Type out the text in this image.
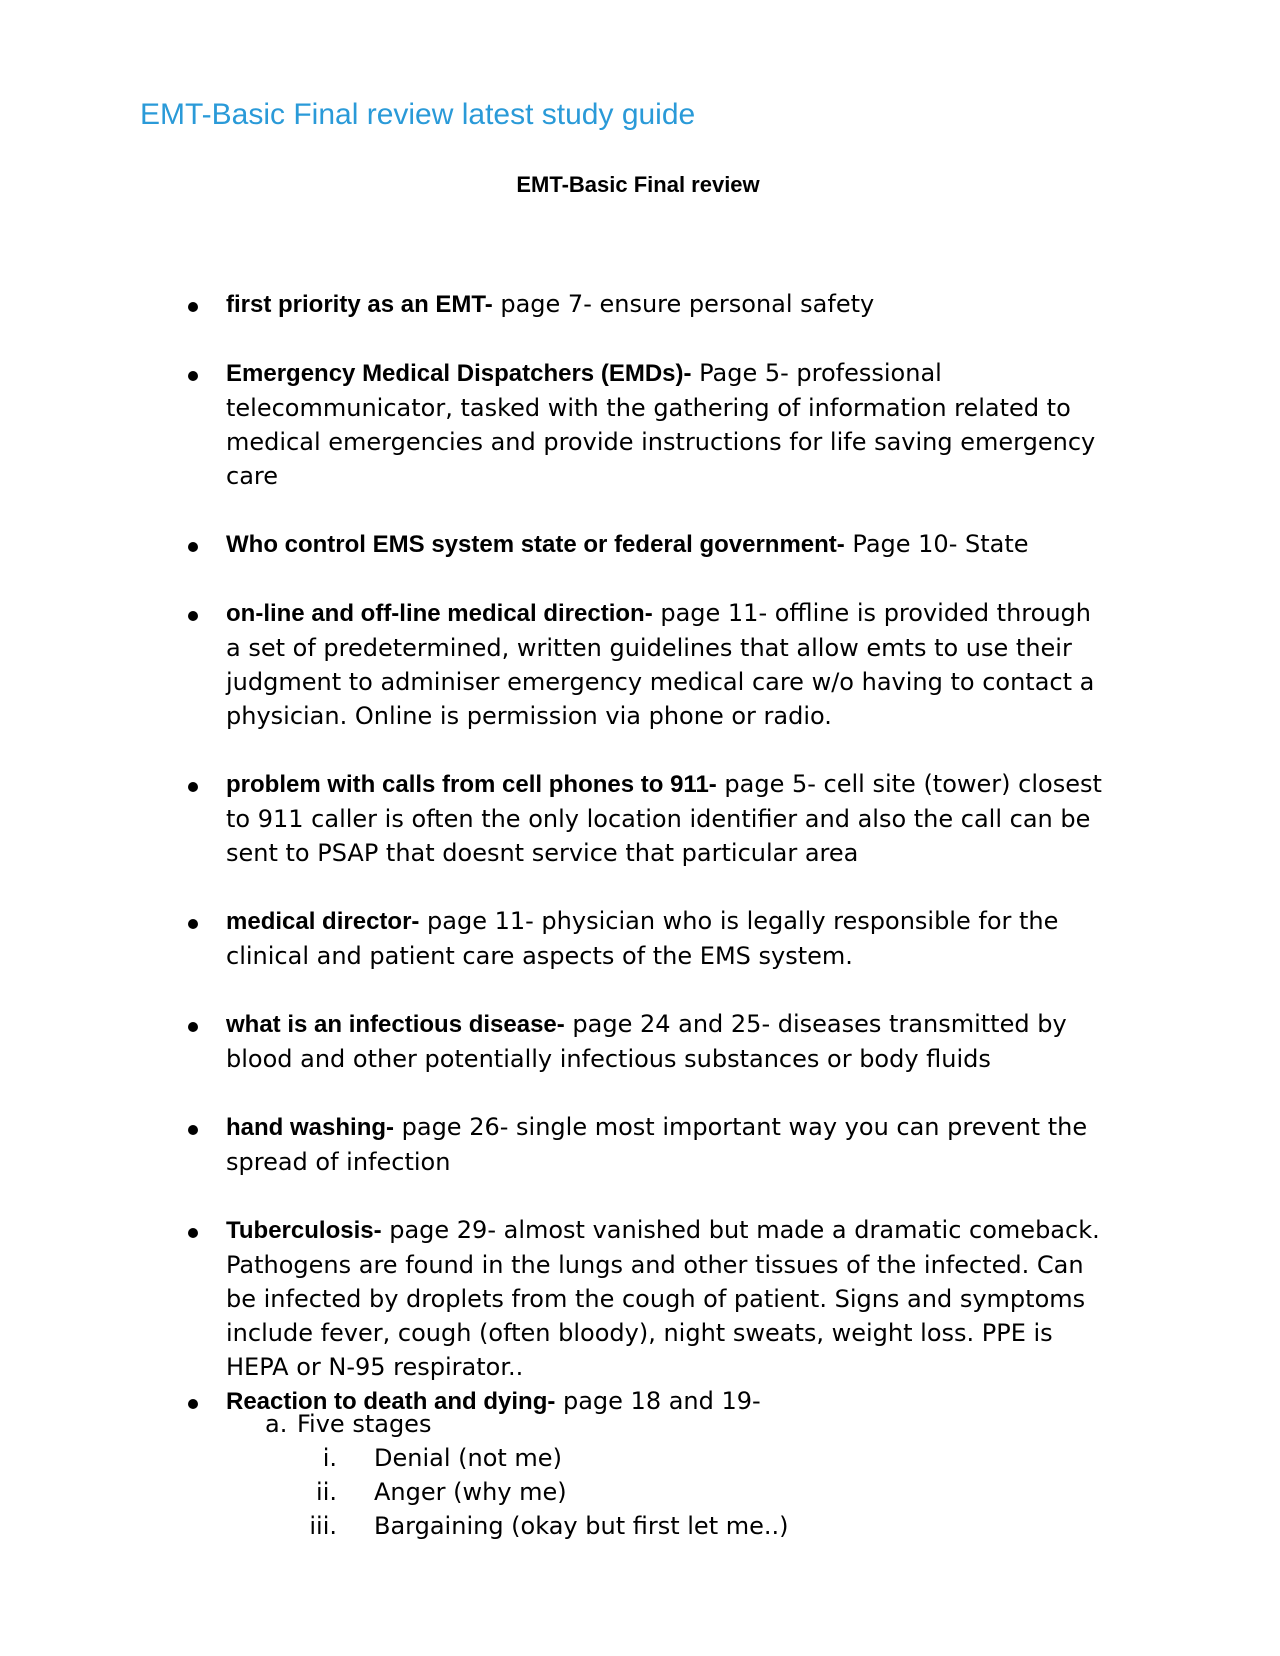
EMT-Basic Final review latest study guide

EMT-Basic Final review

first priority as an EMT- page 7- ensure personal safety
Emergency Medical Dispatchers (EMDs)- Page 5- professional telecommunicator, tasked with the gathering of information related to medical emergencies and provide instructions for life saving emergency care
Who control EMS system state or federal government- Page 10- State
on-line and off-line medical direction- page 11- offline is provided through a set of predetermined, written guidelines that allow emts to use their judgment to adminiser emergency medical care w/o having to contact a physician. Online is permission via phone or radio.
problem with calls from cell phones to 911- page 5- cell site (tower) closest to 911 caller is often the only location identifier and also the call can be sent to PSAP that doesnt service that particular area
medical director- page 11- physician who is legally responsible for the clinical and patient care aspects of the EMS system.
what is an infectious disease- page 24 and 25- diseases transmitted by blood and other potentially infectious substances or body fluids
hand washing- page 26- single most important way you can prevent the spread of infection
Tuberculosis- page 29- almost vanished but made a dramatic comeback. Pathogens are found in the lungs and other tissues of the infected. Can be infected by droplets from the cough of patient. Signs and symptoms include fever, cough (often bloody), night sweats, weight loss. PPE is HEPA or N-95 respirator..
Reaction to death and dying- page 18 and 19-
a. Five stages
i. Denial (not me)
ii. Anger (why me)
iii. Bargaining (okay but first let me..)
